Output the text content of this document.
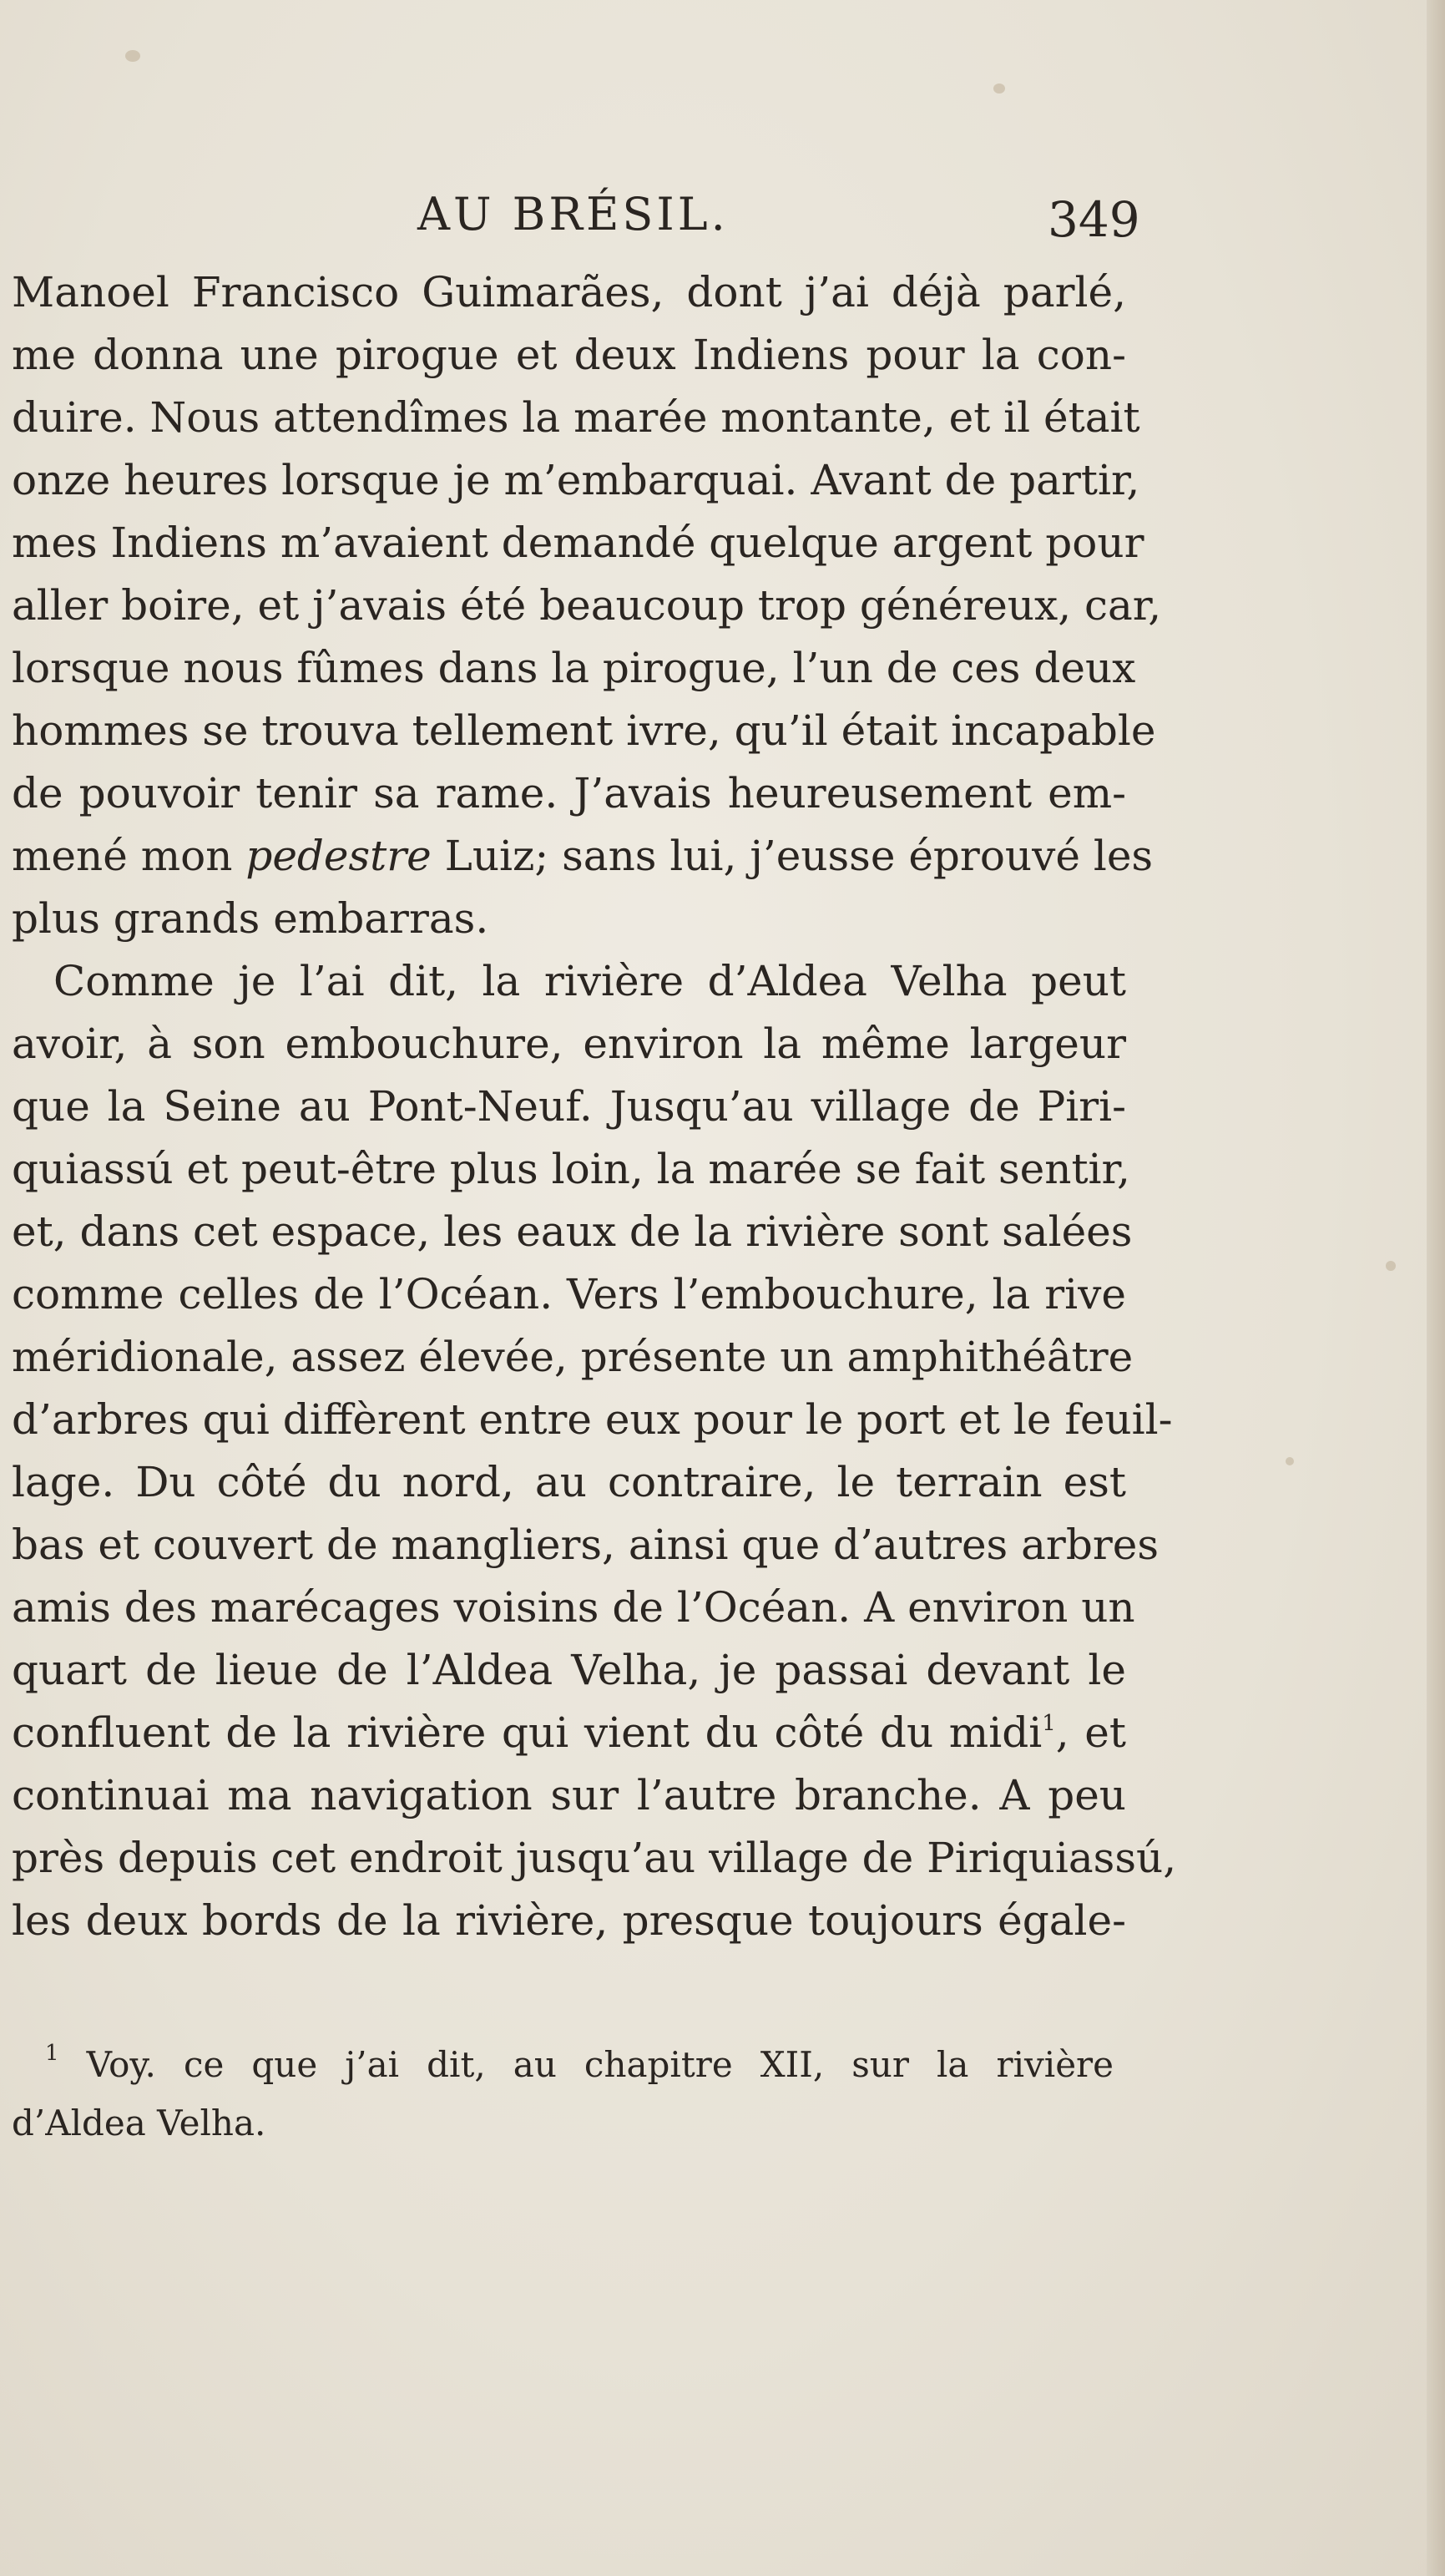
AU BRÉSIL.	349
Manoel Francisco Guimarães, dont j’ai déjà parlé,
me donna une pirogue et deux Indiens pour la con-
duire. Nous attendîmes la marée montante, et il était
onze heures lorsque je m’embarquai. Avant de partir,
mes Indiens m’avaient demandé quelque argent pour
aller boire, et j’avais été beaucoup trop généreux, car,
lorsque nous fûmes dans la pirogue, l’un de ces deux
hommes se trouva tellement ivre, qu’il était incapable
de pouvoir tenir sa rame. J’avais heureusement em-
mené mon pedestre Luiz; sans lui, j’eusse éprouvé les
plus grands embarras.
Comme je l’ai dit, la rivière d’Aldea Velha peut
avoir, à son embouchure, environ la même largeur
que la Seine au Pont-Neuf. Jusqu’au village de Piri-
quiassú et peut-être plus loin, la marée se fait sentir,
et, dans cet espace, les eaux de la rivière sont salées
comme celles de l’Océan. Vers l’embouchure, la rive
méridionale, assez élevée, présente un amphithéâtre
d’arbres qui diffèrent entre eux pour le port et le feuil-
lage. Du côté du nord, au contraire, le terrain est
bas et couvert de mangliers, ainsi que d’autres arbres
amis des marécages voisins de l’Océan. A environ un
quart de lieue de l’Aldea Velha, je passai devant le
confluent de la rivière qui vient du côté du midi$^1$, et
continuai ma navigation sur l’autre branche. A peu
près depuis cet endroit jusqu’au village de Piriquiassú,
les deux bords de la rivière, presque toujours égale-
$^1$ Voy. ce que j’ai dit, au chapitre XII, sur la rivière
d’Aldea Velha.
